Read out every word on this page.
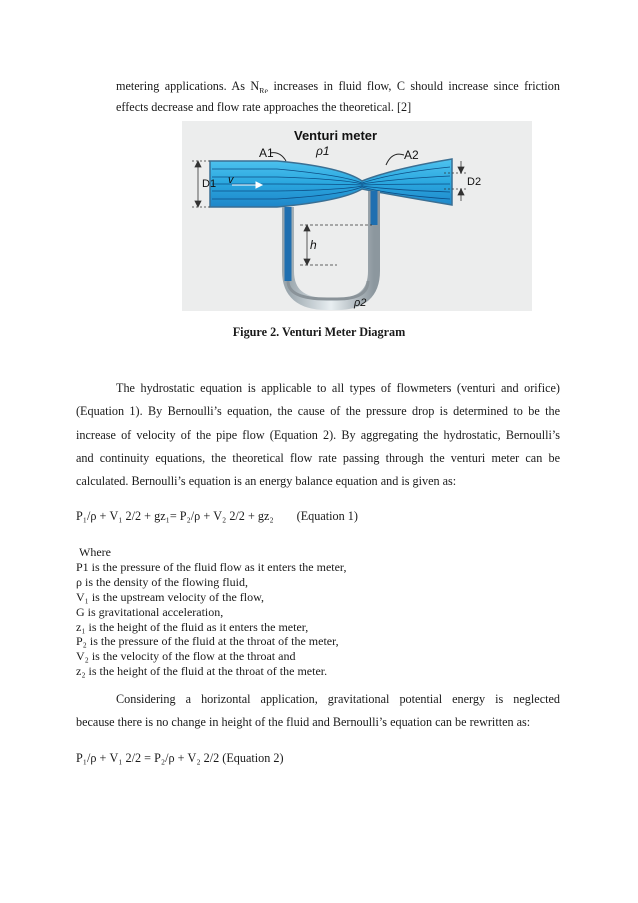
metering applications. As $N_{Re}$ increases in fluid flow, C should increase since friction
effects decrease and flow rate approaches the theoretical. [2]
Venturi meter
A1	ρ1	A2
D1 v	D2
h
ρ2
Figure 2. Venturi Meter Diagram
The hydrostatic equation is applicable to all types of flowmeters (venturi and orifice)
(Equation 1). By Bernoulli’s equation, the cause of the pressure drop is determined to be the
increase of velocity of the pipe flow (Equation 2). By aggregating the hydrostatic, Bernoulli’s
and continuity equations, the theoretical flow rate passing through the venturi meter can be
calculated. Bernoulli’s equation is an energy balance equation and is given as:
P₁/ρ + V₁ 2/2 + gz₁= P₂/ρ + V₂ 2/2 + gz₂ (Equation 1)
Where
P1 is the pressure of the fluid flow as it enters the meter,
ρ is the density of the flowing fluid,
V₁ is the upstream velocity of the flow,
G is gravitational acceleration,
z₁ is the height of the fluid as it enters the meter,
P₂ is the pressure of the fluid at the throat of the meter,
V₂ is the velocity of the flow at the throat and
z₂ is the height of the fluid at the throat of the meter.
Considering a horizontal application, gravitational potential energy is neglected
because there is no change in height of the fluid and Bernoulli’s equation can be rewritten as:
P₁/ρ + V₁ 2/2 = P₂/ρ + V₂ 2/2 (Equation 2)
